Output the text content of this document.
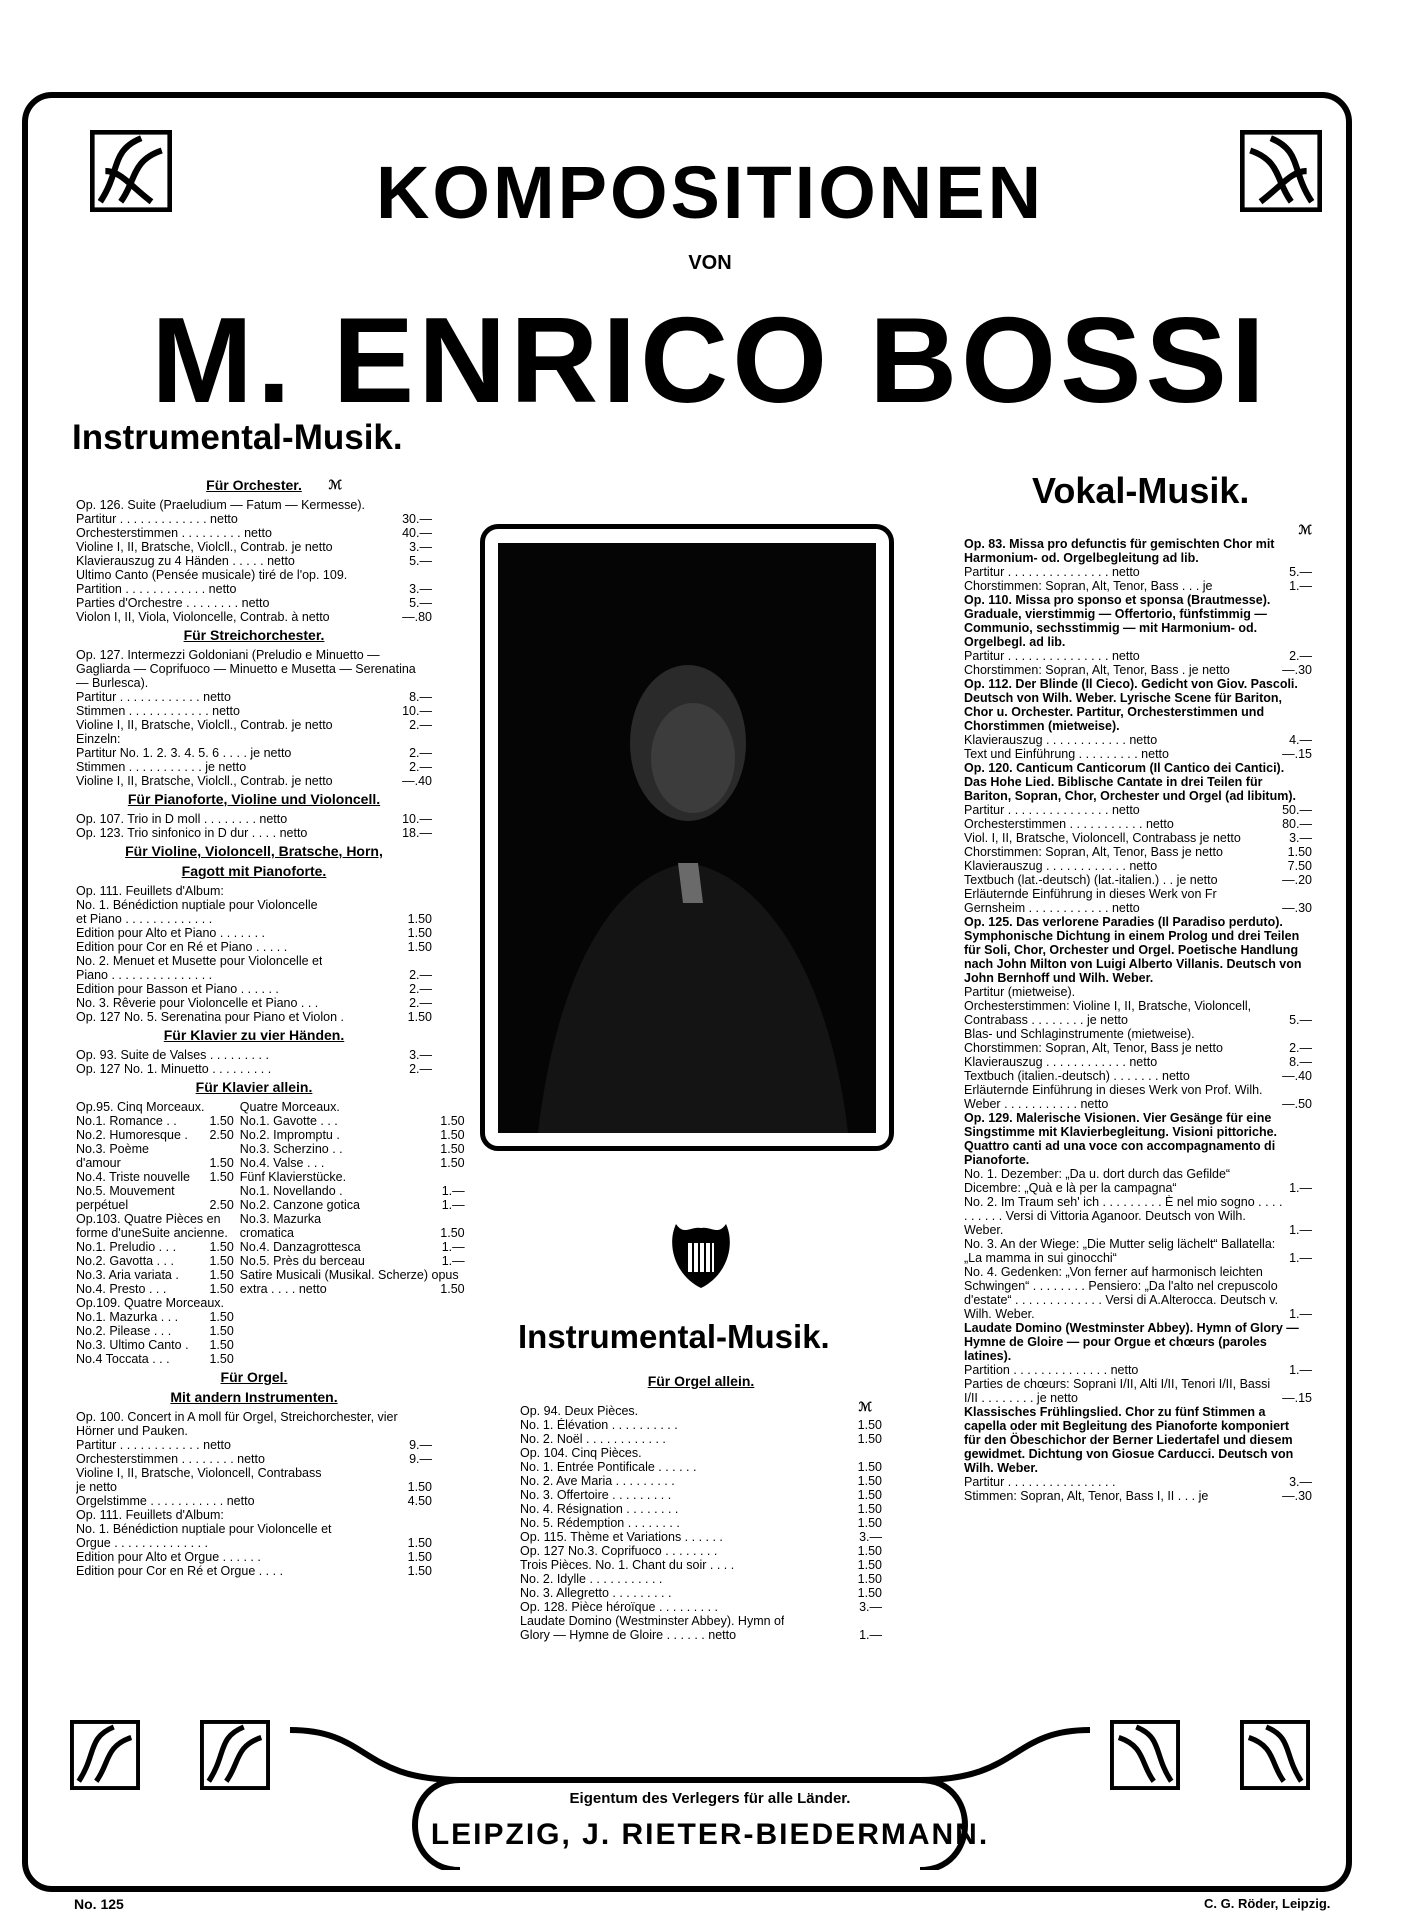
KOMPOSITIONEN
VON
M. ENRICO BOSSI
Instrumental-Musik.
Vokal-Musik.
Für Orchester.	ℳ
Op. 126. Suite (Praeludium — Fatum — Kermesse).
Partitur . . . . . . . . . . . . . netto	30.—
Orchesterstimmen . . . . . . . . . netto	40.—
Violine I, II, Bratsche, Violcll., Contrab. je netto	3.—
Klavierauszug zu 4 Händen . . . . . netto	5.—
Ultimo Canto (Pensée musicale) tiré de l'op. 109.
Partition . . . . . . . . . . . . netto	3.—
Parties d'Orchestre . . . . . . . . netto	5.—
Violon I, II, Viola, Violoncelle, Contrab. à netto	—.80
Für Streichorchester.
Op. 127. Intermezzi Goldoniani (Preludio e Minuetto — Gagliarda — Coprifuoco — Minuetto e Musetta — Serenatina — Burlesca).
Partitur . . . . . . . . . . . . netto	8.—
Stimmen . . . . . . . . . . . . netto	10.—
Violine I, II, Bratsche, Violcll., Contrab. je netto	2.—
Einzeln:
Partitur No. 1. 2. 3. 4. 5. 6 . . . . je netto	2.—
Stimmen . . . . . . . . . . . je netto	2.—
Violine I, II, Bratsche, Violcll., Contrab. je netto	—.40
Für Pianoforte, Violine und Violoncell.
Op. 107. Trio in D moll . . . . . . . . netto	10.—
Op. 123. Trio sinfonico in D dur . . . . netto	18.—
Für Violine, Violoncell, Bratsche, Horn,
Fagott mit Pianoforte.
Op. 111. Feuillets d'Album:
No. 1. Bénédiction nuptiale pour Violoncelle
et Piano . . . . . . . . . . . . .	1.50
Edition pour Alto et Piano . . . . . . .	1.50
Edition pour Cor en Ré et Piano . . . . .	1.50
No. 2. Menuet et Musette pour Violoncelle et
Piano . . . . . . . . . . . . . . .	2.—
Edition pour Basson et Piano . . . . . .	2.—
No. 3. Rêverie pour Violoncelle et Piano . . .	2.—
Op. 127 No. 5. Serenatina pour Piano et Violon .	1.50
Für Klavier zu vier Händen.
Op. 93. Suite de Valses . . . . . . . . .	3.—
Op. 127 No. 1. Minuetto . . . . . . . . .	2.—
Für Klavier allein.
Op.95. Cinq Morceaux.
No.1. Romance . .	1.50
No.2. Humoresque .	2.50
No.3. Poème
d'amour	1.50
No.4. Triste nouvelle	1.50
No.5. Mouvement
perpétuel	2.50
Op.103. Quatre Pièces en
forme d'uneSuite ancienne.
No.1. Preludio . . .	1.50
No.2. Gavotta . . .	1.50
No.3. Aria variata .	1.50
No.4. Presto . . .	1.50
Op.109. Quatre Morceaux.
No.1. Mazurka . . .	1.50
No.2. Pilease . . .	1.50
No.3. Ultimo Canto .	1.50
No.4 Toccata . . .	1.50
Quatre Morceaux.
No.1. Gavotte . . .	1.50
No.2. Impromptu .	1.50
No.3. Scherzino . .	1.50
No.4. Valse . . .	1.50
Fünf Klavierstücke.
No.1. Novellando .	1.—
No.2. Canzone gotica	1.—
No.3. Mazurka
cromatica	1.50
No.4. Danzagrottesca	1.—
No.5. Près du berceau	1.—
Satire Musicali (Musikal. Scherze) opus
extra . . . . netto	1.50
Für Orgel.
Mit andern Instrumenten.
Op. 100. Concert in A moll für Orgel, Streichorchester, vier Hörner und Pauken.
Partitur . . . . . . . . . . . . netto	9.—
Orchesterstimmen . . . . . . . . netto	9.—
Violine I, II, Bratsche, Violoncell, Contrabass
je netto	1.50
Orgelstimme . . . . . . . . . . . netto	4.50
Op. 111. Feuillets d'Album:
No. 1. Bénédiction nuptiale pour Violoncelle et
Orgue . . . . . . . . . . . . . .	1.50
Edition pour Alto et Orgue . . . . . .	1.50
Edition pour Cor en Ré et Orgue . . . .	1.50
Instrumental-Musik.
Für Orgel allein.
ℳ
Op. 94. Deux Pièces.
No. 1. Élévation . . . . . . . . . .	1.50
No. 2. Noël . . . . . . . . . . . .	1.50
Op. 104. Cinq Pièces.
No. 1. Entrée Pontificale . . . . . .	1.50
No. 2. Ave Maria . . . . . . . . .	1.50
No. 3. Offertoire . . . . . . . . .	1.50
No. 4. Résignation . . . . . . . .	1.50
No. 5. Rédemption . . . . . . . .	1.50
Op. 115. Thème et Variations . . . . . .	3.—
Op. 127 No.3. Coprifuoco . . . . . . . .	1.50
Trois Pièces. No. 1. Chant du soir . . . .	1.50
No. 2. Idylle . . . . . . . . . . .	1.50
No. 3. Allegretto . . . . . . . . .	1.50
Op. 128. Pièce héroïque . . . . . . . . .	3.—
Laudate Domino (Westminster Abbey). Hymn of
Glory — Hymne de Gloire . . . . . . netto	1.—
ℳ
Op. 83. Missa pro defunctis für gemischten Chor mit Harmonium- od. Orgelbegleitung ad lib.
Partitur . . . . . . . . . . . . . . . netto	5.—
Chorstimmen: Sopran, Alt, Tenor, Bass . . . je	1.—
Op. 110. Missa pro sponso et sponsa (Brautmesse). Graduale, vierstimmig — Offertorio, fünfstimmig — Communio, sechsstimmig — mit Harmonium- od. Orgelbegl. ad lib.
Partitur . . . . . . . . . . . . . . . netto	2.—
Chorstimmen: Sopran, Alt, Tenor, Bass . je netto	—.30
Op. 112. Der Blinde (Il Cieco). Gedicht von Giov. Pascoli. Deutsch von Wilh. Weber. Lyrische Scene für Bariton, Chor u. Orchester. Partitur, Orchesterstimmen und Chorstimmen (mietweise).
Klavierauszug . . . . . . . . . . . . netto	4.—
Text und Einführung . . . . . . . . . netto	—.15
Op. 120. Canticum Canticorum (Il Cantico dei Cantici). Das Hohe Lied. Biblische Cantate in drei Teilen für Bariton, Sopran, Chor, Orchester und Orgel (ad libitum).
Partitur . . . . . . . . . . . . . . . netto	50.—
Orchesterstimmen . . . . . . . . . . . netto	80.—
Viol. I, II, Bratsche, Violoncell, Contrabass je netto	3.—
Chorstimmen: Sopran, Alt, Tenor, Bass je netto	1.50
Klavierauszug . . . . . . . . . . . . netto	7.50
Textbuch (lat.-deutsch) (lat.-italien.) . . je netto	—.20
Erläuternde Einführung in dieses Werk von Fr Gernsheim . . . . . . . . . . . . netto	—.30
Op. 125. Das verlorene Paradies (Il Paradiso perduto). Symphonische Dichtung in einem Prolog und drei Teilen für Soli, Chor, Orchester und Orgel. Poetische Handlung nach John Milton von Luigi Alberto Villanis. Deutsch von John Bernhoff und Wilh. Weber.
Partitur (mietweise).
Orchesterstimmen: Violine I, II, Bratsche, Violoncell, Contrabass . . . . . . . . je netto	5.—
Blas- und Schlaginstrumente (mietweise).
Chorstimmen: Sopran, Alt, Tenor, Bass je netto	2.—
Klavierauszug . . . . . . . . . . . . netto	8.—
Textbuch (italien.-deutsch) . . . . . . . netto	—.40
Erläuternde Einführung in dieses Werk von Prof. Wilh. Weber . . . . . . . . . . . netto	—.50
Op. 129. Malerische Visionen. Vier Gesänge für eine Singstimme mit Klavierbegleitung. Visioni pittoriche. Quattro canti ad una voce con accompagnamento di Pianoforte.
No. 1. Dezember: „Da u. dort durch das Gefilde“ Dicembre: „Quà e là per la campagna“	1.—
No. 2. Im Traum seh' ich . . . . . . . . . È nel mio sogno . . . . . . . . . . Versi di Vittoria Aganoor. Deutsch von Wilh. Weber.	1.—
No. 3. An der Wiege: „Die Mutter selig lächelt“ Ballatella: „La mamma in sui ginocchi“	1.—
No. 4. Gedenken: „Von ferner auf harmonisch leichten Schwingen“ . . . . . . . . Pensiero: „Da l'alto nel crepuscolo d'estate“ . . . . . . . . . . . . . Versi di A.Alterocca. Deutsch v. Wilh. Weber.	1.—
Laudate Domino (Westminster Abbey). Hymn of Glory — Hymne de Gloire — pour Orgue et chœurs (paroles latines).
Partition . . . . . . . . . . . . . . netto	1.—
Parties de chœurs: Soprani I/II, Alti I/II, Tenori I/II, Bassi I/II . . . . . . . . je netto	—.15
Klassisches Frühlingslied. Chor zu fünf Stimmen a capella oder mit Begleitung des Pianoforte komponiert für den Öbeschichor der Berner Liedertafel und diesem gewidmet. Dichtung von Giosue Carducci. Deutsch von Wilh. Weber.
Partitur . . . . . . . . . . . . . . . .	3.—
Stimmen: Sopran, Alt, Tenor, Bass I, II . . . je	—.30
Eigentum des Verlegers für alle Länder.
LEIPZIG, J. RIETER-BIEDERMANN.
No. 125	C. G. Röder, Leipzig.
